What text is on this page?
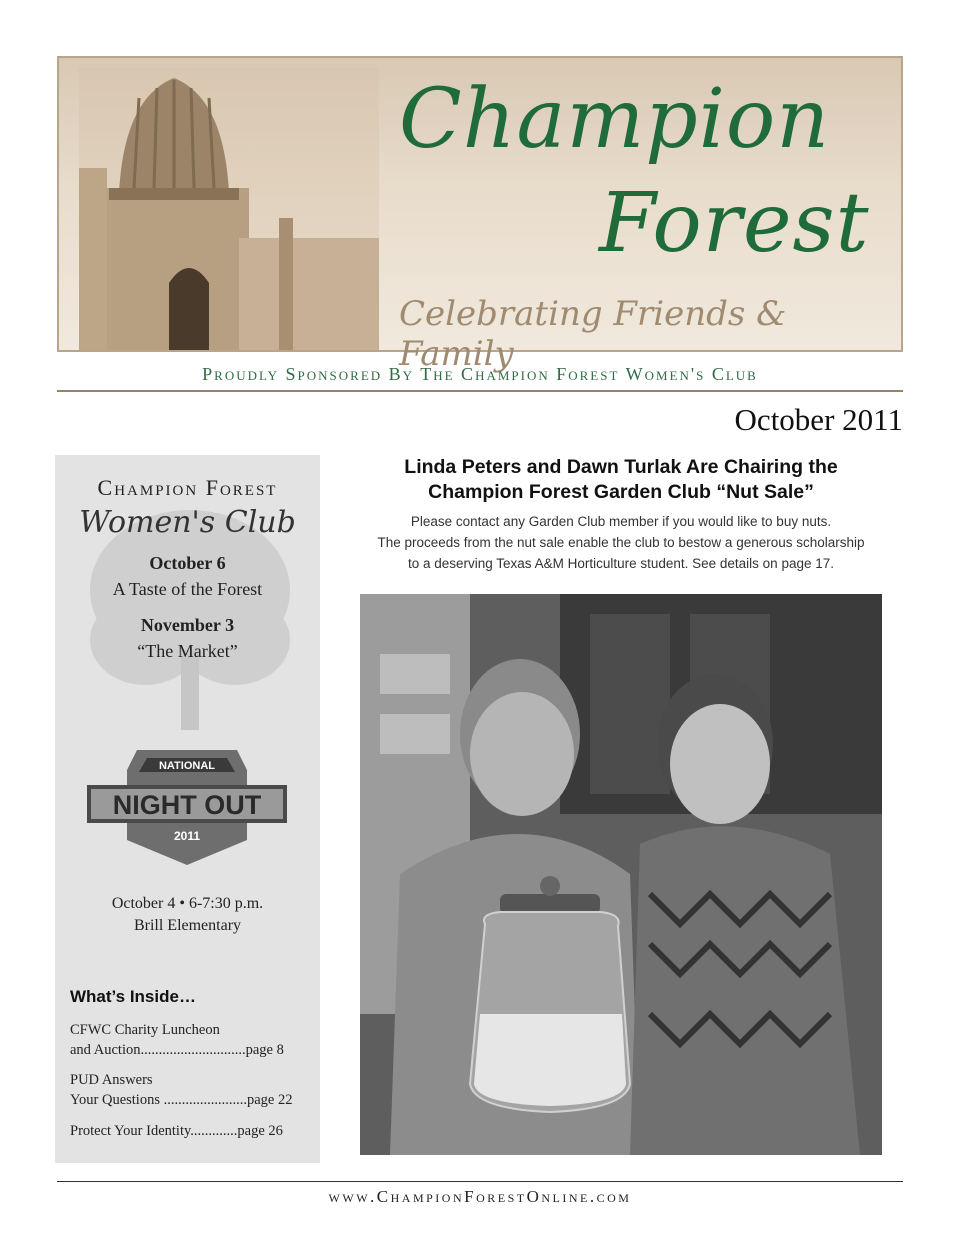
Champion
Forest
Celebrating Friends & Family
Proudly Sponsored By The Champion Forest Women's Club
October 2011
Champion Forest
Women's Club
October 6
A Taste of the Forest
November 3
“The Market”
NATIONAL
NIGHT OUT
2011
October 4 • 6-7:30 p.m.
Brill Elementary
What’s Inside…
CFWC Charity Luncheon
and Auction.............................page 8
PUD Answers
Your Questions .......................page 22
Protect Your Identity.............page 26
Linda Peters and Dawn Turlak Are Chairing the
Champion Forest Garden Club “Nut Sale”
Please contact any Garden Club member if you would like to buy nuts.
The proceeds from the nut sale enable the club to bestow a generous scholarship
to a deserving Texas A&M Horticulture student. See details on page 17.
www.ChampionForestOnline.com
